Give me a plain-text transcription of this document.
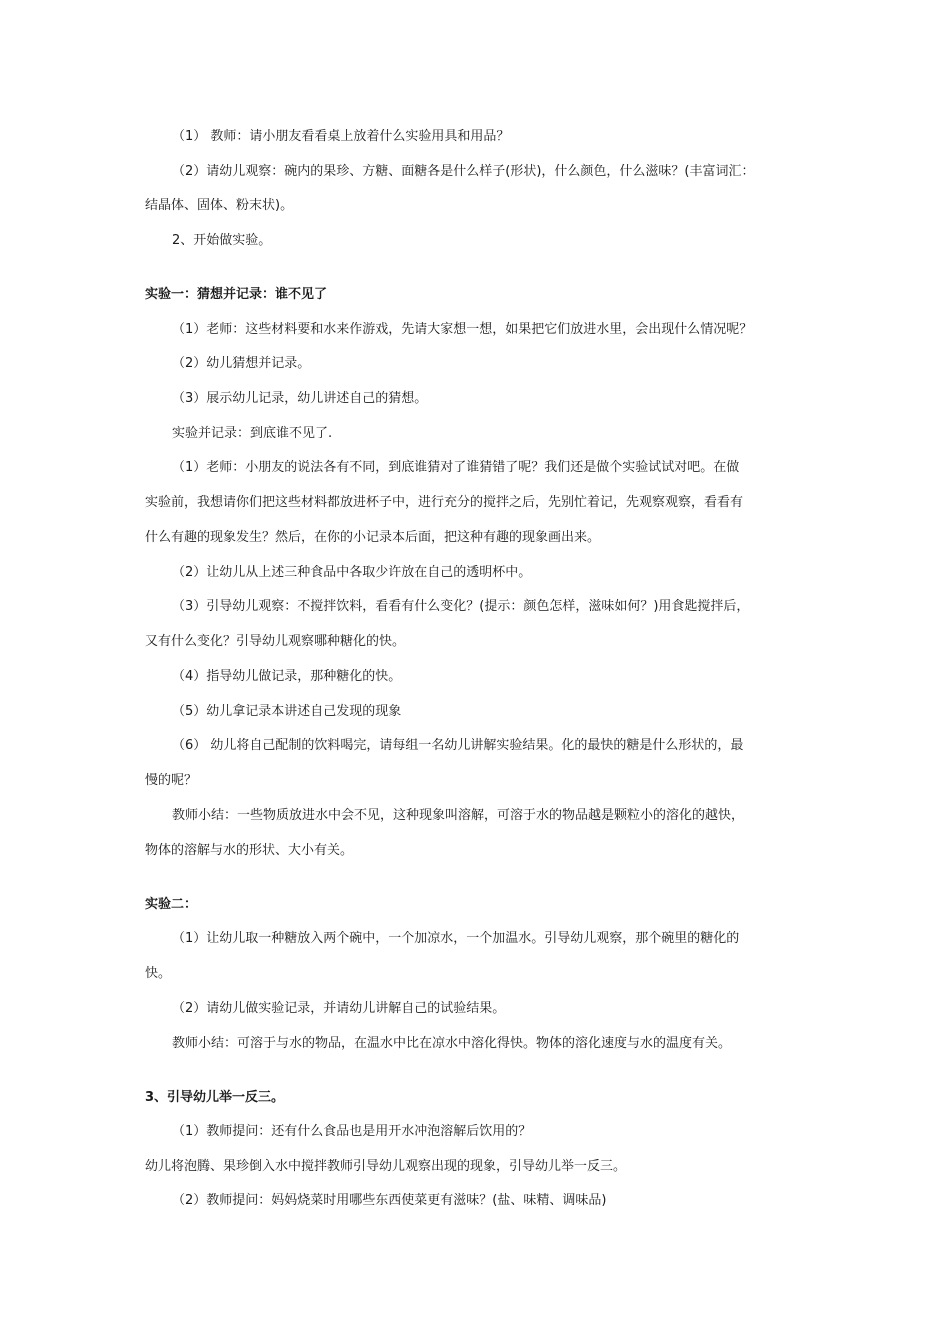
（1） 教师：请小朋友看看桌上放着什么实验用具和用品？
（2）请幼儿观察：碗内的果珍、方糖、面糖各是什么样子(形状)，什么颜色，什么滋味？(丰富词汇：
结晶体、固体、粉末状)。
2、开始做实验。
实验一：猜想并记录：谁不见了
（1）老师：这些材料要和水来作游戏，先请大家想一想，如果把它们放进水里，会出现什么情况呢？
（2）幼儿猜想并记录。
（3）展示幼儿记录，幼儿讲述自己的猜想。
实验并记录：到底谁不见了.
（1）老师：小朋友的说法各有不同，到底谁猜对了谁猜错了呢？我们还是做个实验试试对吧。在做
实验前，我想请你们把这些材料都放进杯子中，进行充分的搅拌之后，先别忙着记，先观察观察，看看有
什么有趣的现象发生？然后，在你的小记录本后面，把这种有趣的现象画出来。
（2）让幼儿从上述三种食品中各取少许放在自己的透明杯中。
（3）引导幼儿观察：不搅拌饮料，看看有什么变化？(提示：颜色怎样，滋味如何？)用食匙搅拌后，
又有什么变化？引导幼儿观察哪种糖化的快。
（4）指导幼儿做记录，那种糖化的快。
（5）幼儿拿记录本讲述自己发现的现象
（6） 幼儿将自己配制的饮料喝完，请每组一名幼儿讲解实验结果。化的最快的糖是什么形状的，最
慢的呢？
教师小结：一些物质放进水中会不见，这种现象叫溶解，可溶于水的物品越是颗粒小的溶化的越快，
物体的溶解与水的形状、大小有关。
实验二：
（1）让幼儿取一种糖放入两个碗中，一个加凉水，一个加温水。引导幼儿观察，那个碗里的糖化的
快。
（2）请幼儿做实验记录，并请幼儿讲解自己的试验结果。
教师小结：可溶于与水的物品，在温水中比在凉水中溶化得快。物体的溶化速度与水的温度有关。
3、引导幼儿举一反三。
（1）教师提问：还有什么食品也是用开水冲泡溶解后饮用的？
幼儿将泡腾、果珍倒入水中搅拌教师引导幼儿观察出现的现象，引导幼儿举一反三。
（2）教师提问：妈妈烧菜时用哪些东西使菜更有滋味？(盐、味精、调味品)
